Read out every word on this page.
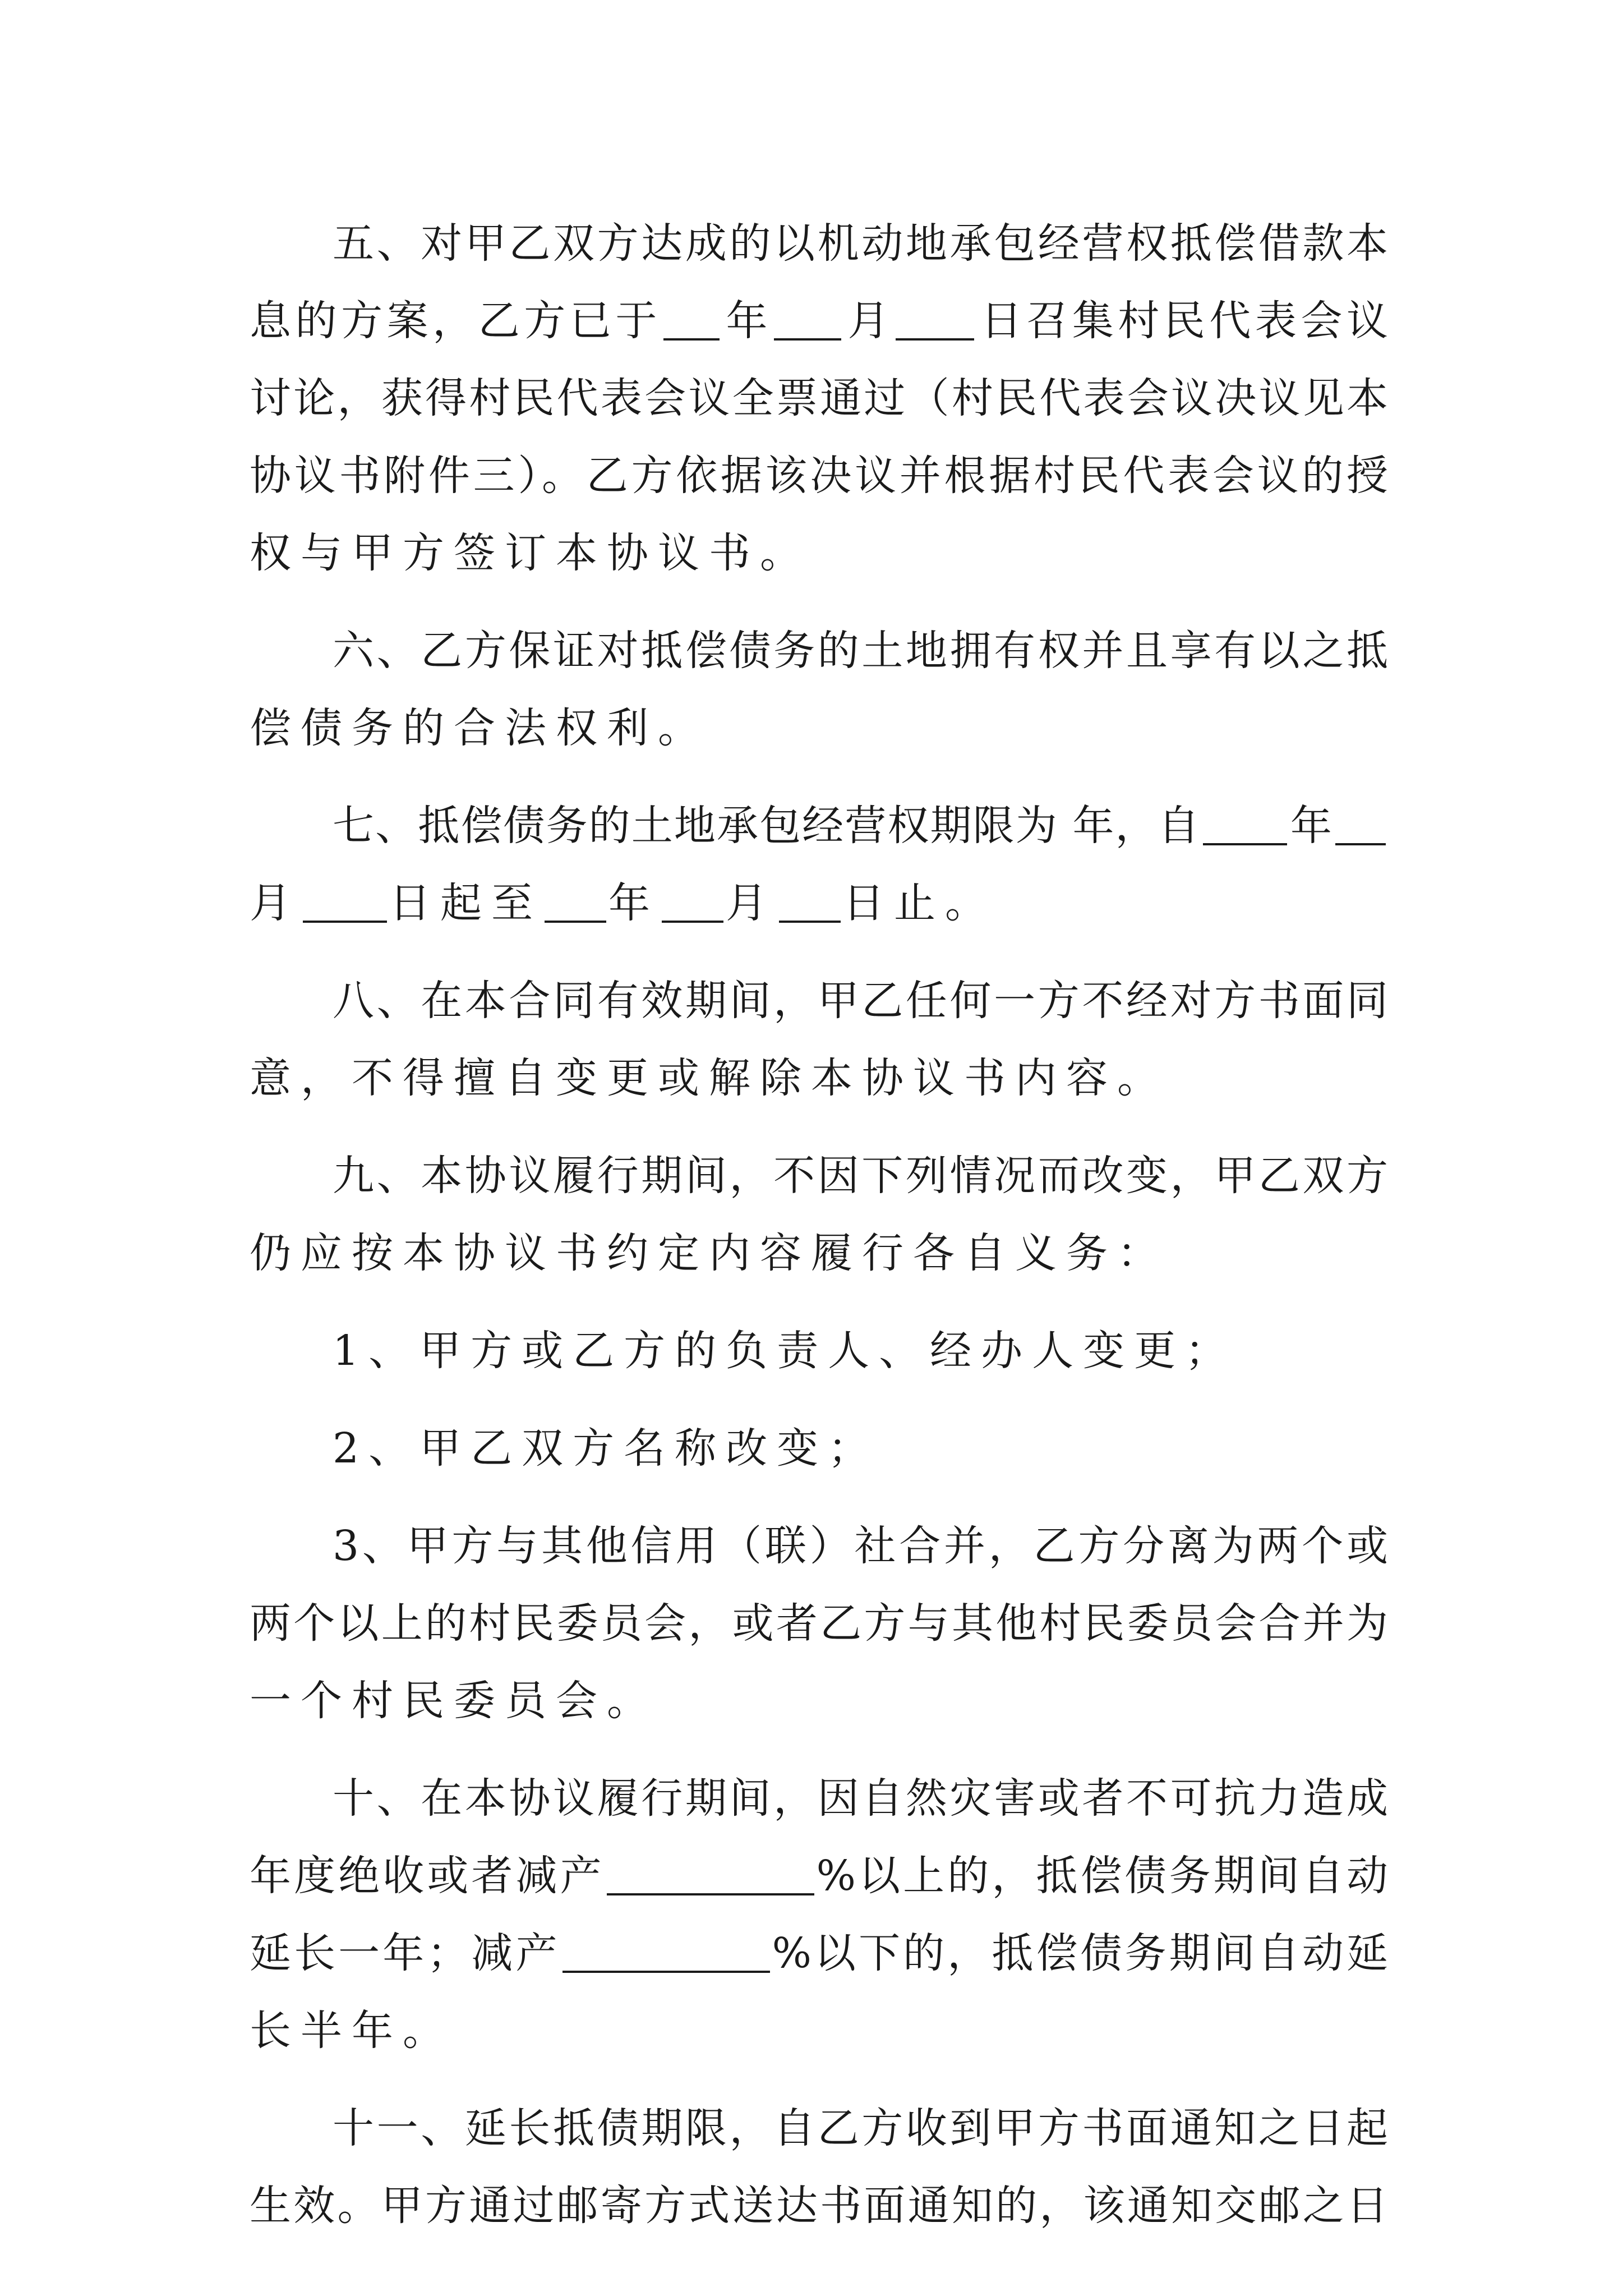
五、对甲乙双方达成的以机动地承包经营权抵偿借款本
息的方案，乙方已于 年 月 日召集村民代表会议
讨论，获得村民代表会议全票通过（村民代表会议决议见本
协议书附件三）。乙方依据该决议并根据村民代表会议的授
权与甲方签订本协议书。
六、乙方保证对抵偿债务的土地拥有权并且享有以之抵
偿债务的合法权利。
七、抵偿债务的土地承包经营权期限为 年，自 年
月 日起至 年 月 日止。
八、在本合同有效期间，甲乙任何一方不经对方书面同
意，不得擅自变更或解除本协议书内容。
九、本协议履行期间，不因下列情况而改变，甲乙双方
仍应按本协议书约定内容履行各自义务：
1、甲方或乙方的负责人、经办人变更；
2、甲乙双方名称改变；
3、甲方与其他信用（联）社合并，乙方分离为两个或
两个以上的村民委员会，或者乙方与其他村民委员会合并为
一个村民委员会。
十、在本协议履行期间，因自然灾害或者不可抗力造成
年度绝收或者减产	%以上的，抵偿债务期间自动
延长一年；减产	%以下的，抵偿债务期间自动延
长半年。
十一、延长抵债期限，自乙方收到甲方书面通知之日起
生效。甲方通过邮寄方式送达书面通知的，该通知交邮之日
